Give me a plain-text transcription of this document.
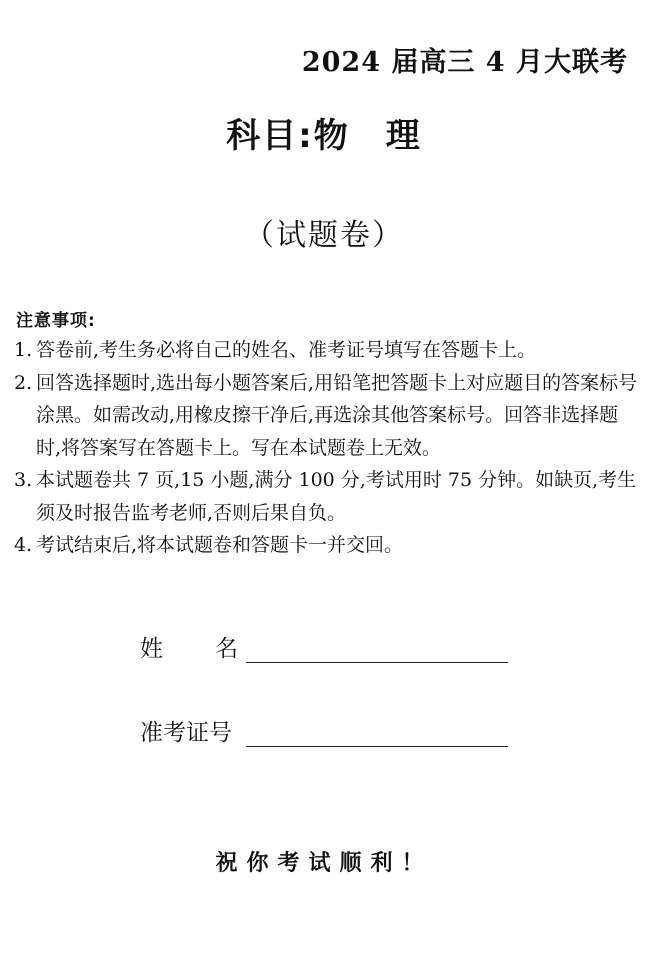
2024 届高三 4 月大联考
科目:物　理
（试题卷）
注意事项:
1. 答卷前,考生务必将自己的姓名、准考证号填写在答题卡上。
2. 回答选择题时,选出每小题答案后,用铅笔把答题卡上对应题目的答案标号涂黑。如需改动,用橡皮擦干净后,再选涂其他答案标号。回答非选择题时,将答案写在答题卡上。写在本试题卷上无效。
3. 本试题卷共 7 页,15 小题,满分 100 分,考试用时 75 分钟。如缺页,考生须及时报告监考老师,否则后果自负。
4. 考试结束后,将本试题卷和答题卡一并交回。
姓 名
准考证号
祝你考试顺利！
